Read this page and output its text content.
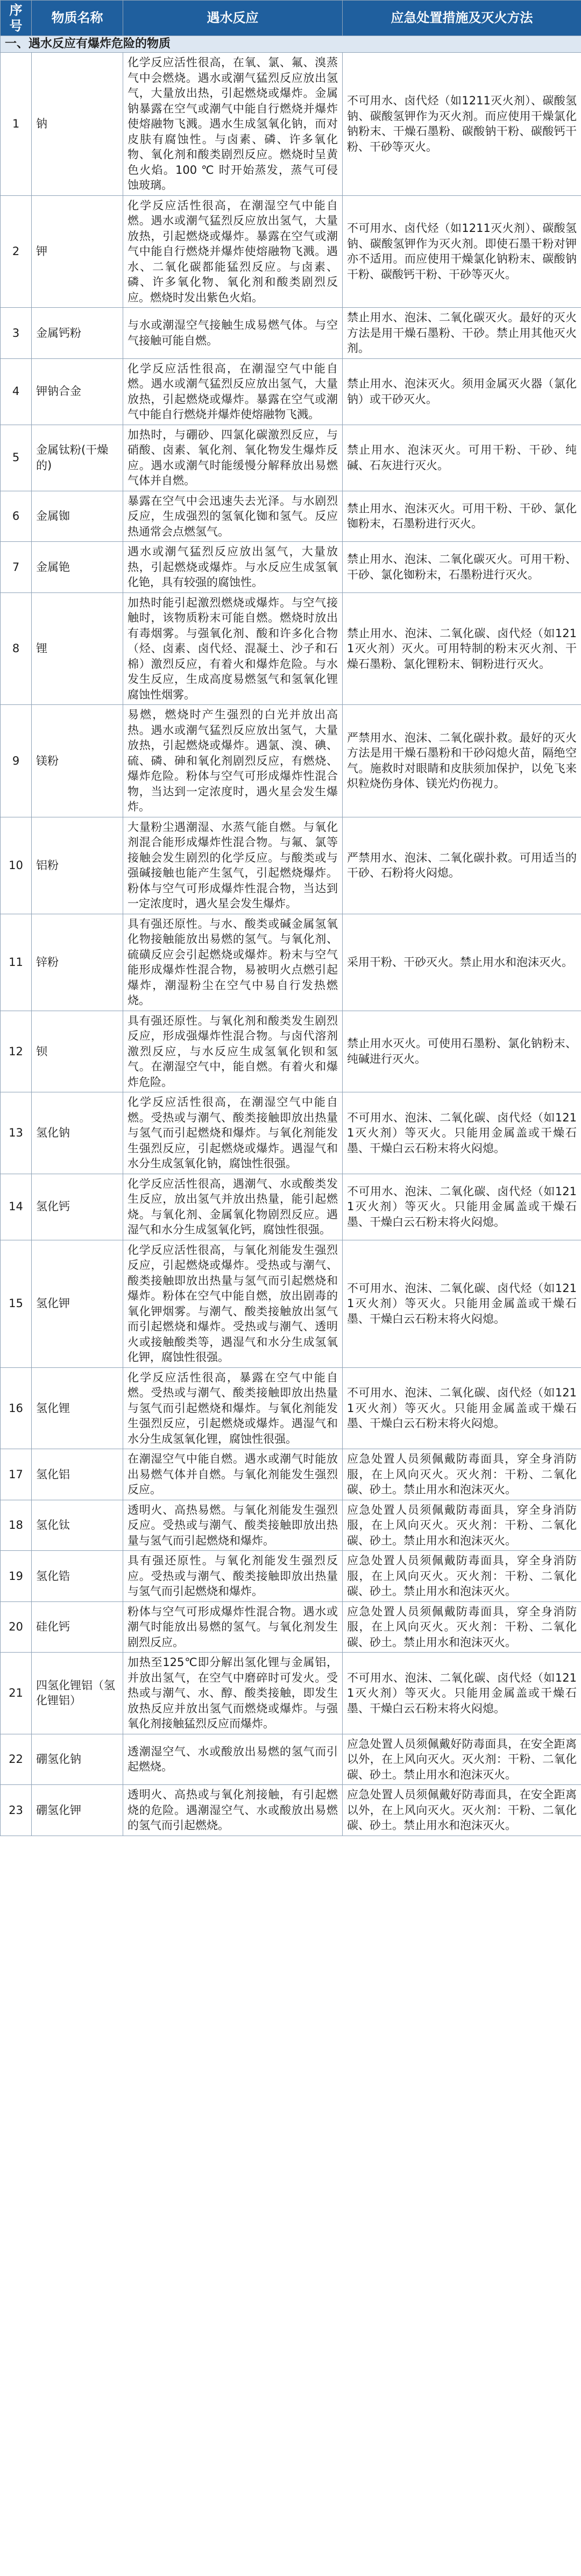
序号	物质名称	遇水反应	应急处置措施及灭火方法
一、遇水反应有爆炸危险的物质			
1	钠	化学反应活性很高，在氧、氯、氟、溴蒸气中会燃烧。遇水或潮气猛烈反应放出氢气，大量放出热，引起燃烧或爆炸。金属钠暴露在空气或潮气中能自行燃烧并爆炸使熔融物飞溅。遇水生成氢氧化钠，而对皮肤有腐蚀性。与卤素、磷、许多氧化物、氧化剂和酸类剧烈反应。燃烧时呈黄色火焰。100 ℃ 时开始蒸发，蒸气可侵蚀玻璃。	不可用水、卤代烃（如1211灭火剂）、碳酸氢钠、碳酸氢钾作为灭火剂。而应使用干燥氯化钠粉末、干燥石墨粉、碳酸钠干粉、碳酸钙干粉、干砂等灭火。
2	钾	化学反应活性很高，在潮湿空气中能自燃。遇水或潮气猛烈反应放出氢气，大量放热，引起燃烧或爆炸。暴露在空气或潮气中能自行燃烧并爆炸使熔融物飞溅。遇水、二氧化碳都能猛烈反应。与卤素、磷、许多氧化物、氧化剂和酸类剧烈反应。燃烧时发出紫色火焰。	不可用水、卤代烃（如1211灭火剂）、碳酸氢钠、碳酸氢钾作为灭火剂。即使石墨干粉对钾亦不适用。而应使用干燥氯化钠粉末、碳酸钠干粉、碳酸钙干粉、干砂等灭火。
3	金属钙粉	与水或潮湿空气接触生成易燃气体。与空气接触可能自燃。	禁止用水、泡沫、二氧化碳灭火。最好的灭火方法是用干燥石墨粉、干砂。禁止用其他灭火剂。
4	钾钠合金	化学反应活性很高，在潮湿空气中能自燃。遇水或潮气猛烈反应放出氢气，大量放热，引起燃烧或爆炸。暴露在空气或潮气中能自行燃烧并爆炸使熔融物飞溅。	禁止用水、泡沫灭火。须用金属灭火器（氯化钠）或干砂灭火。
5	金属钛粉(干燥的)	加热时，与硼砂、四氯化碳激烈反应，与硝酸、卤素、氧化剂、氧化物发生爆炸反应。遇水或潮气时能缓慢分解释放出易燃气体并自燃。	禁止用水、泡沫灭火。可用干粉、干砂、纯碱、石灰进行灭火。
6	金属铷	暴露在空气中会迅速失去光泽。与水剧烈反应，生成强烈的氢氧化铷和氢气。反应热通常会点燃氢气。	禁止用水、泡沫灭火。可用干粉、干砂、氯化铷粉末，石墨粉进行灭火。
7	金属铯	遇水或潮气猛烈反应放出氢气，大量放热，引起燃烧或爆炸。与水反应生成氢氧化铯，具有较强的腐蚀性。	禁止用水、泡沫、二氧化碳灭火。可用干粉、干砂、氯化铷粉末，石墨粉进行灭火。
8	锂	加热时能引起激烈燃烧或爆炸。与空气接触时，该物质粉末可能自燃。燃烧时放出有毒烟雾。与强氧化剂、酸和许多化合物（烃、卤素、卤代烃、混凝土、沙子和石棉）激烈反应，有着火和爆炸危险。与水发生反应，生成高度易燃氢气和氢氧化锂腐蚀性烟雾。	禁止用水、泡沫、二氧化碳、卤代烃（如1211灭火剂）灭火。可用特制的粉末灭火剂、干燥石墨粉、氯化锂粉末、铜粉进行灭火。
9	镁粉	易燃，燃烧时产生强烈的白光并放出高热。遇水或潮气猛烈反应放出氢气，大量放热，引起燃烧或爆炸。遇氯、溴、碘、硫、磷、砷和氧化剂剧烈反应，有燃烧、爆炸危险。粉体与空气可形成爆炸性混合物，当达到一定浓度时，遇火星会发生爆炸。	严禁用水、泡沫、二氧化碳扑救。最好的灭火方法是用干燥石墨粉和干砂闷熄火苗，隔绝空气。施救时对眼睛和皮肤须加保护，以免飞来炽粒烧伤身体、镁光灼伤视力。
10	铝粉	大量粉尘遇潮湿、水蒸气能自燃。与氧化剂混合能形成爆炸性混合物。与氟、氯等接触会发生剧烈的化学反应。与酸类或与强碱接触也能产生氢气，引起燃烧爆炸。粉体与空气可形成爆炸性混合物，当达到一定浓度时，遇火星会发生爆炸。	严禁用水、泡沫、二氧化碳扑救。可用适当的干砂、石粉将火闷熄。
11	锌粉	具有强还原性。与水、酸类或碱金属氢氧化物接触能放出易燃的氢气。与氧化剂、硫磺反应会引起燃烧或爆炸。粉末与空气能形成爆炸性混合物，易被明火点燃引起爆炸，潮湿粉尘在空气中易自行发热燃烧。	采用干粉、干砂灭火。禁止用水和泡沫灭火。
12	钡	具有强还原性。与氧化剂和酸类发生剧烈反应，形成强爆炸性混合物。与卤代溶剂激烈反应，与水反应生成氢氧化钡和氢气。在潮湿空气中，能自燃。有着火和爆炸危险。	禁止用水灭火。可使用石墨粉、氯化钠粉末、纯碱进行灭火。
13	氢化钠	化学反应活性很高，在潮湿空气中能自燃。受热或与潮气、酸类接触即放出热量与氢气而引起燃烧和爆炸。与氧化剂能发生强烈反应，引起燃烧或爆炸。遇湿气和水分生成氢氧化钠，腐蚀性很强。	不可用水、泡沫、二氧化碳、卤代烃（如1211灭火剂）等灭火。只能用金属盖或干燥石墨、干燥白云石粉末将火闷熄。
14	氢化钙	化学反应活性很高，遇潮气、水或酸类发生反应，放出氢气并放出热量，能引起燃烧。与氧化剂、金属氧化物剧烈反应。遇湿气和水分生成氢氧化钙，腐蚀性很强。	不可用水、泡沫、二氧化碳、卤代烃（如1211灭火剂）等灭火。只能用金属盖或干燥石墨、干燥白云石粉末将火闷熄。
15	氢化钾	化学反应活性很高，与氧化剂能发生强烈反应，引起燃烧或爆炸。受热或与潮气、酸类接触即放出热量与氢气而引起燃烧和爆炸。粉体在空气中能自燃，放出剧毒的氧化钾烟雾。与潮气、酸类接触放出氢气而引起燃烧和爆炸。受热或与潮气、透明火或接触酸类等，遇湿气和水分生成氢氧化钾，腐蚀性很强。	不可用水、泡沫、二氧化碳、卤代烃（如1211灭火剂）等灭火。只能用金属盖或干燥石墨、干燥白云石粉末将火闷熄。
16	氢化锂	化学反应活性很高，暴露在空气中能自燃。受热或与潮气、酸类接触即放出热量与氢气而引起燃烧和爆炸。与氧化剂能发生强烈反应，引起燃烧或爆炸。遇湿气和水分生成氢氧化锂，腐蚀性很强。	不可用水、泡沫、二氧化碳、卤代烃（如1211灭火剂）等灭火。只能用金属盖或干燥石墨、干燥白云石粉末将火闷熄。
17	氢化铝	在潮湿空气中能自燃。遇水或潮气时能放出易燃气体并自燃。与氧化剂能发生强烈反应。	应急处置人员须佩戴防毒面具，穿全身消防服，在上风向灭火。灭火剂：干粉、二氧化碳、砂土。禁止用水和泡沫灭火。
18	氢化钛	透明火、高热易燃。与氧化剂能发生强烈反应。受热或与潮气、酸类接触即放出热量与氢气而引起燃烧和爆炸。	应急处置人员须佩戴防毒面具，穿全身消防服，在上风向灭火。灭火剂：干粉、二氧化碳、砂土。禁止用水和泡沫灭火。
19	氢化锆	具有强还原性。与氧化剂能发生强烈反应。受热或与潮气、酸类接触即放出热量与氢气而引起燃烧和爆炸。	应急处置人员须佩戴防毒面具，穿全身消防服，在上风向灭火。灭火剂：干粉、二氧化碳、砂土。禁止用水和泡沫灭火。
20	硅化钙	粉体与空气可形成爆炸性混合物。遇水或潮气时能放出易燃的氢气。与氧化剂发生剧烈反应。	应急处置人员须佩戴防毒面具，穿全身消防服，在上风向灭火。灭火剂：干粉、二氧化碳、砂土。禁止用水和泡沫灭火。
21	四氢化锂铝（氢化锂铝）	加热至125℃即分解出氢化锂与金属铝，并放出氢气，在空气中磨碎时可发火。受热或与潮气、水、醇、酸类接触，即发生放热反应并放出氢气而燃烧或爆炸。与强氧化剂接触猛烈反应而爆炸。	不可用水、泡沫、二氧化碳、卤代烃（如1211灭火剂）等灭火。只能用金属盖或干燥石墨、干燥白云石粉末将火闷熄。
22	硼氢化钠	透潮湿空气、水或酸放出易燃的氢气而引起燃烧。	应急处置人员须佩戴好防毒面具，在安全距离以外，在上风向灭火。灭火剂：干粉、二氧化碳、砂土。禁止用水和泡沫灭火。
23	硼氢化钾	透明火、高热或与氧化剂接触，有引起燃烧的危险。遇潮湿空气、水或酸放出易燃的氢气而引起燃烧。	应急处置人员须佩戴好防毒面具，在安全距离以外，在上风向灭火。灭火剂：干粉、二氧化碳、砂土。禁止用水和泡沫灭火。
